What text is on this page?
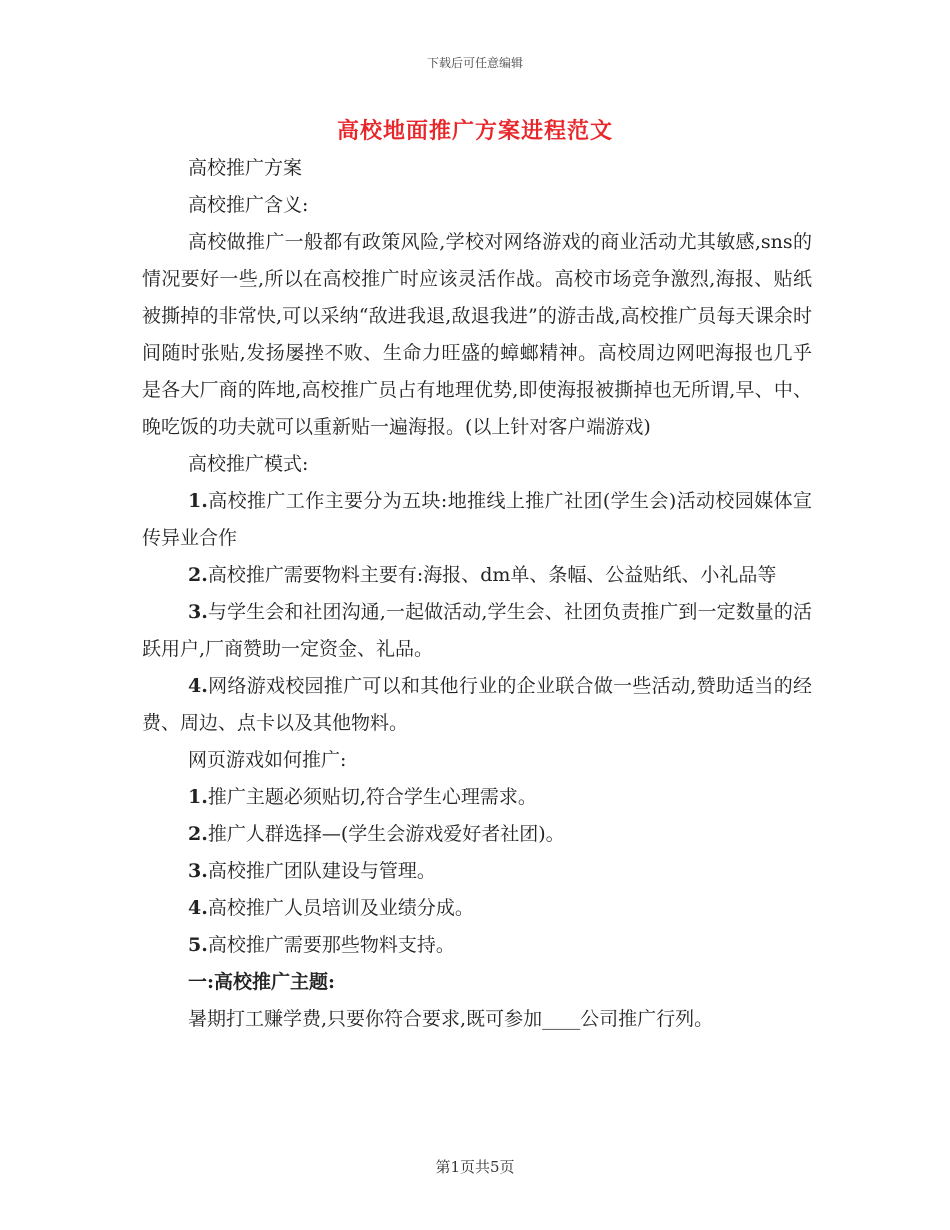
下载后可任意编辑
高校地面推广方案进程范文

高校推广方案

高校推广含义:

高校做推广一般都有政策风险,学校对网络游戏的商业活动尤其敏感,sns的情况要好一些,所以在高校推广时应该灵活作战。高校市场竞争激烈,海报、贴纸被撕掉的非常快,可以采纳“敌进我退,敌退我进”的游击战,高校推广员每天课余时间随时张贴,发扬屡挫不败、生命力旺盛的蟑螂精神。高校周边网吧海报也几乎是各大厂商的阵地,高校推广员占有地理优势,即使海报被撕掉也无所谓,早、中、晚吃饭的功夫就可以重新贴一遍海报。(以上针对客户端游戏)

高校推广模式:

1.高校推广工作主要分为五块:地推线上推广社团(学生会)活动校园媒体宣传异业合作

2.高校推广需要物料主要有:海报、dm单、条幅、公益贴纸、小礼品等

3.与学生会和社团沟通,一起做活动,学生会、社团负责推广到一定数量的活跃用户,厂商赞助一定资金、礼品。

4.网络游戏校园推广可以和其他行业的企业联合做一些活动,赞助适当的经费、周边、点卡以及其他物料。

网页游戏如何推广:

1.推广主题必须贴切,符合学生心理需求。

2.推广人群选择—(学生会游戏爱好者社团)。

3.高校推广团队建设与管理。

4.高校推广人员培训及业绩分成。

5.高校推广需要那些物料支持。

一:高校推广主题:

暑期打工赚学费,只要你符合要求,既可参加____公司推广行列。

第1页共5页
